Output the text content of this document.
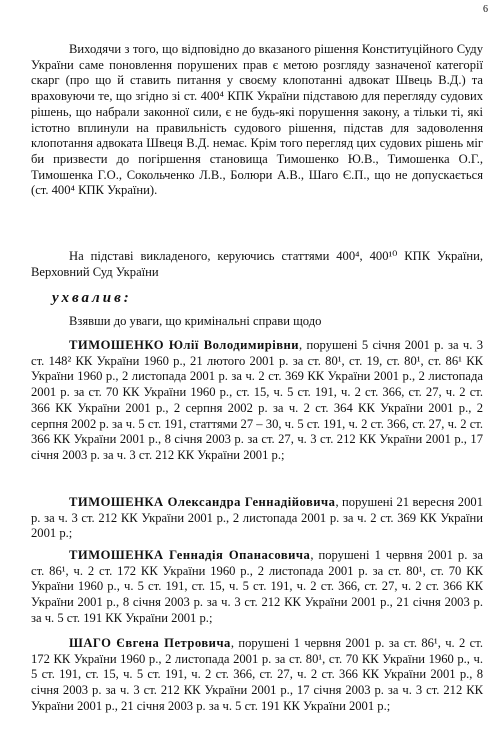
6

Виходячи з того, що відповідно до вказаного рішення Конституційного Суду України саме поновлення порушених прав є метою розгляду зазначеної категорії скарг (про що й ставить питання у своєму клопотанні адвокат Швець В.Д.) та враховуючи те, що згідно зі ст. 400⁴ КПК України підставою для перегляду судових рішень, що набрали законної сили, є не будь-які порушення закону, а тільки ті, які істотно вплинули на правильність судового рішення, підстав для задоволення клопотання адвоката Швеця В.Д. немає. Крім того перегляд цих судових рішень міг би призвести до погіршення становища Тимошенко Ю.В., Тимошенка О.Г., Тимошенка Г.О., Сокольченко Л.В., Болюри А.В., Шаго Є.П., що не допускається (ст. 400⁴ КПК України).

На підставі викладеного, керуючись статтями 400⁴, 400¹⁰ КПК України, Верховний Суд України

ухвалив:

Взявши до уваги, що кримінальні справи щодо

ТИМОШЕНКО Юлії Володимирівни, порушені 5 січня 2001 р. за ч. 3 ст. 148² КК України 1960 р., 21 лютого 2001 р. за ст. 80¹, ст. 19, ст. 80¹, ст. 86¹ КК України 1960 р., 2 листопада 2001 р. за ч. 2 ст. 369 КК України 2001 р., 2 листопада 2001 р. за ст. 70 КК України 1960 р., ст. 15, ч. 5 ст. 191, ч. 2 ст. 366, ст. 27, ч. 2 ст. 366 КК України 2001 р., 2 серпня 2002 р. за ч. 2 ст. 364 КК України 2001 р., 2 серпня 2002 р. за ч. 5 ст. 191, статтями 27 – 30, ч. 5 ст. 191, ч. 2 ст. 366, ст. 27, ч. 2 ст. 366 КК України 2001 р., 8 січня 2003 р. за ст. 27, ч. 3 ст. 212 КК України 2001 р., 17 січня 2003 р. за ч. 3 ст. 212 КК України 2001 р.;

ТИМОШЕНКА Олександра Геннадійовича, порушені 21 вересня 2001 р. за ч. 3 ст. 212 КК України 2001 р., 2 листопада 2001 р. за ч. 2 ст. 369 КК України 2001 р.;

ТИМОШЕНКА Геннадія Опанасовича, порушені 1 червня 2001 р. за ст. 86¹, ч. 2 ст. 172 КК України 1960 р., 2 листопада 2001 р. за ст. 80¹, ст. 70 КК України 1960 р., ч. 5 ст. 191, ст. 15, ч. 5 ст. 191, ч. 2 ст. 366, ст. 27, ч. 2 ст. 366 КК України 2001 р., 8 січня 2003 р. за ч. 3 ст. 212 КК України 2001 р., 21 січня 2003 р. за ч. 5 ст. 191 КК України 2001 р.;

ШАГО Євгена Петровича, порушені 1 червня 2001 р. за ст. 86¹, ч. 2 ст. 172 КК України 1960 р., 2 листопада 2001 р. за ст. 80¹, ст. 70 КК України 1960 р., ч. 5 ст. 191, ст. 15, ч. 5 ст. 191, ч. 2 ст. 366, ст. 27, ч. 2 ст. 366 КК України 2001 р., 8 січня 2003 р. за ч. 3 ст. 212 КК України 2001 р., 17 січня 2003 р. за ч. 3 ст. 212 КК України 2001 р., 21 січня 2003 р. за ч. 5 ст. 191 КК України 2001 р.;
